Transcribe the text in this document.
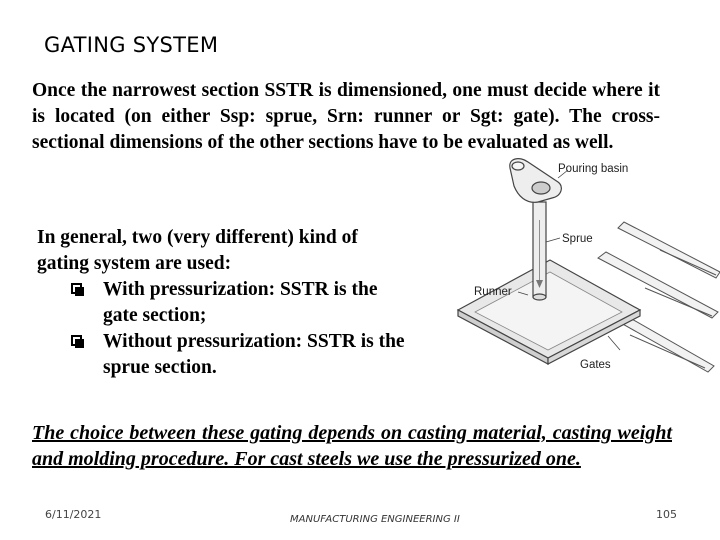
GATING SYSTEM
Once the narrowest section SSTR is dimensioned, one must decide where it is located (on either Ssp: sprue, Srn: runner or Sgt: gate). The cross-sectional dimensions of the other sections have to be evaluated as well.
In general, two (very different) kind of
gating system are used:
With pressurization: SSTR is the
gate section;
Without pressurization: SSTR is the
sprue section.
Pouring basin
Sprue
Runner
Gates
The choice between these gating depends on casting material, casting weight and molding procedure. For cast steels we use the pressurized one.
6/11/2021	MANUFACTURING ENGINEERING II	105
